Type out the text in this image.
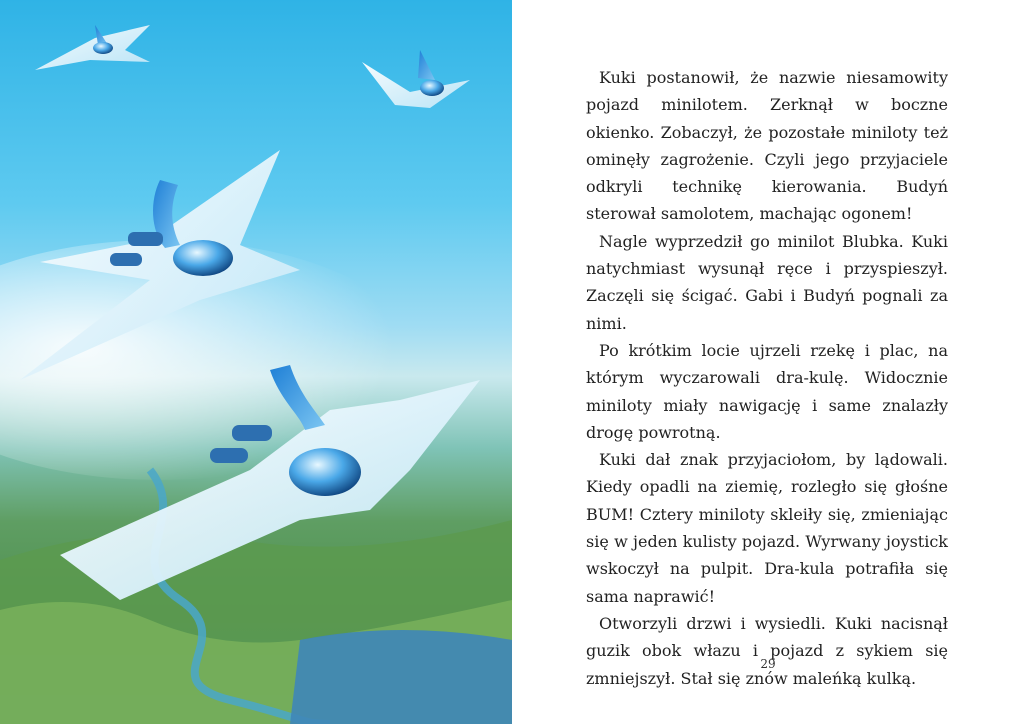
Kuki postanowił, że nazwie niesamowity pojazd minilotem. Zerknął w boczne okienko. Zobaczył, że pozostałe miniloty też ominęły zagrożenie. Czyli jego przyjaciele odkryli technikę kierowania. Budyń sterował samolotem, machając ogonem!

Nagle wyprzedził go minilot Blubka. Kuki natychmiast wysunął ręce i przyspieszył. Zaczęli się ścigać. Gabi i Budyń pognali za nimi.

Po krótkim locie ujrzeli rzekę i plac, na którym wyczarowali dra-kulę. Widocznie miniloty miały nawigację i same znalazły drogę powrotną.

Kuki dał znak przyjaciołom, by lądowali. Kiedy opadli na ziemię, rozległo się głośne BUM! Cztery miniloty skleiły się, zmieniając się w jeden kulisty pojazd. Wyrwany joystick wskoczył na pulpit. Dra-kula potrafiła się sama naprawić!

Otworzyli drzwi i wysiedli. Kuki nacisnął guzik obok włazu i pojazd z sykiem się zmniejszył. Stał się znów maleńką kulką.

29
